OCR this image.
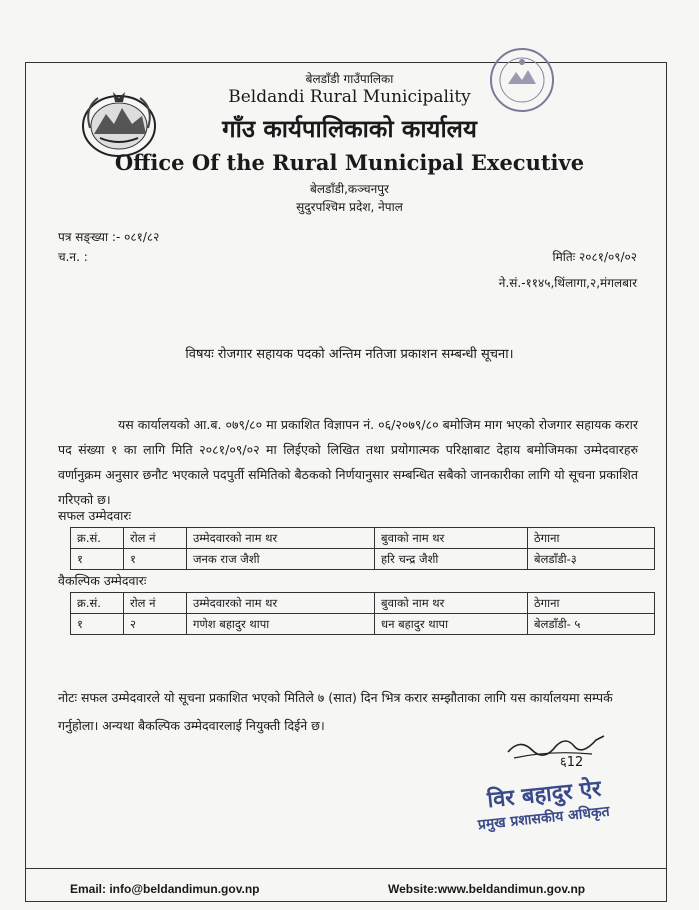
बेलडाँडी गाउँपालिका
Beldandi Rural Municipality
गाँउ कार्यपालिकाको कार्यालय
Office Of the Rural Municipal Executive
बेलडाँडी,कञ्चनपुर
सुदुरपश्चिम प्रदेश, नेपाल
पत्र सङ्ख्या :- ०८१/८२
च.न. :	मितिः २०८१/०९/०२
ने.सं.-११४५,थिंलागा,२,मंगलबार
विषयः रोजगार सहायक पदको अन्तिम नतिजा प्रकाशन सम्बन्धी सूचना।

यस कार्यालयको आ.ब. ०७९/८० मा प्रकाशित विज्ञापन नं. ०६/२०७९/८० बमोजिम माग भएको रोजगार सहायक करार पद संख्या १ का लागि मिति २०८१/०९/०२ मा लिईएको लिखित तथा प्रयोगात्मक परिक्षाबाट देहाय बमोजिमका उम्मेदवारहरु वर्णानुक्रम अनुसार छनौट भएकाले पदपुर्ती समितिको बैठकको निर्णयानुसार सम्बन्धित सबैको जानकारीका लागि यो सूचना प्रकाशित गरिएको छ।

सफल उम्मेदवारः
क्र.सं.	रोल नं	उम्मेदवारको नाम थर	बुवाको नाम थर	ठेगाना
१	१	जनक राज जैशी	हरि चन्द्र जैशी	बेलडाँडी-३
वैकल्पिक उम्मेदवारः
क्र.सं.	रोल नं	उम्मेदवारको नाम थर	बुवाको नाम थर	ठेगाना
१	२	गणेश बहादुर थापा	धन बहादुर थापा	बेलडाँडी- ५
नोटः सफल उम्मेदवारले यो सूचना प्रकाशित भएको मितिले ७ (सात) दिन भित्र करार सम्झौताका लागि यस कार्यालयमा सम्पर्क गर्नुहोला। अन्यथा बैकल्पिक उम्मेदवारलाई नियुक्ती दिईने छ।
६12
विर बहादुर ऐर
प्रमुख प्रशासकीय अधिकृत
Email: info@beldandimun.gov.np	Website:www.beldandimun.gov.np
